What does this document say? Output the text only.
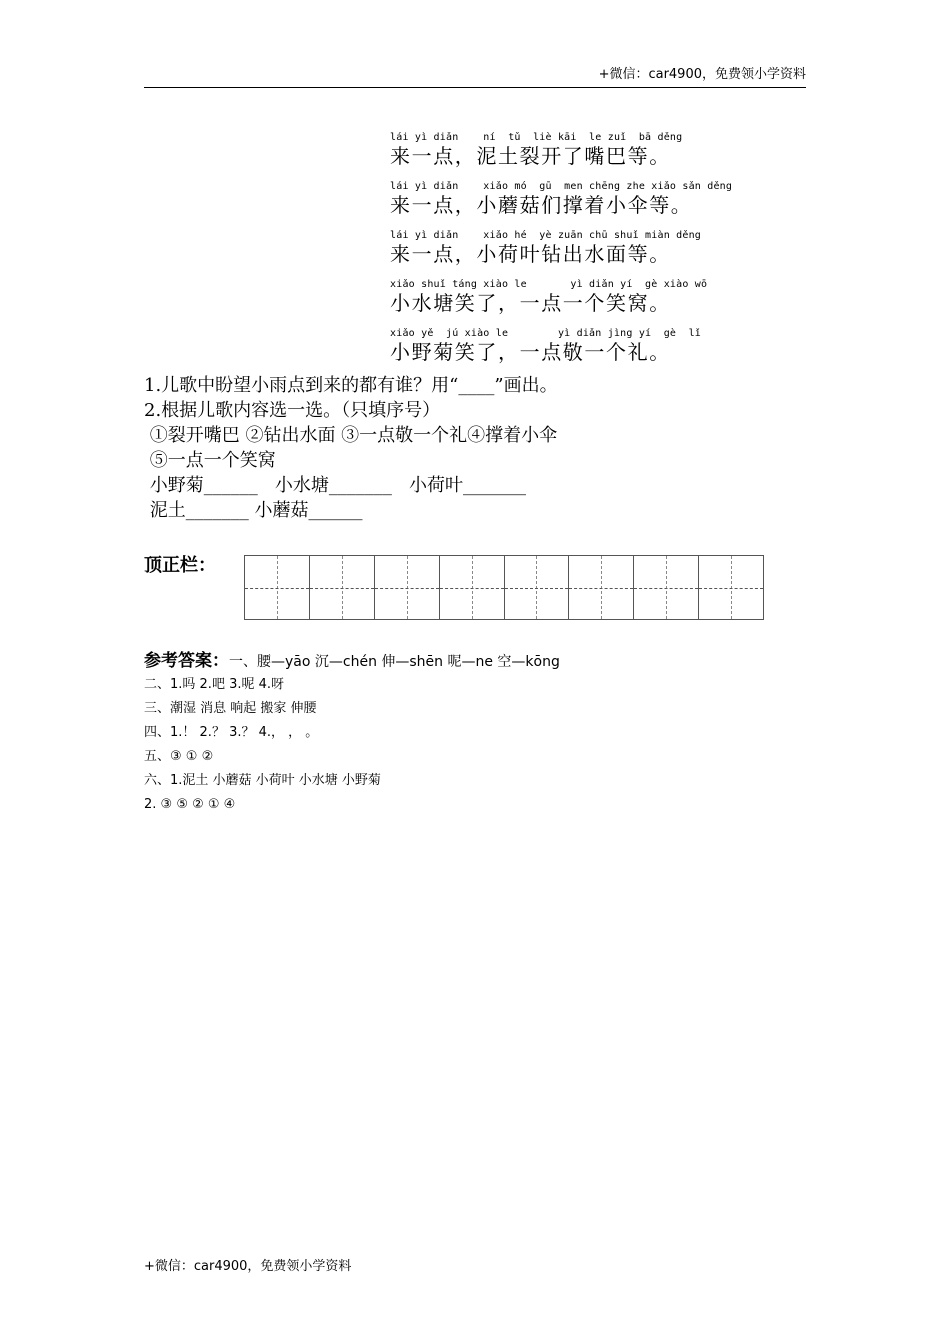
+微信：car4900，免费领小学资料
lái yì diǎn    ní  tǔ  liè kāi  le zuǐ  bā děng
来一点，泥土裂开了嘴巴等。
lái yì diǎn    xiǎo mó  gū  men chēng zhe xiǎo sǎn děng
来一点，小蘑菇们撑着小伞等。
lái yì diǎn    xiǎo hé  yè zuān chū shuǐ miàn děng
来一点，小荷叶钻出水面等。
xiǎo shuǐ táng xiào le       yì diǎn yí  gè xiào wō
小水塘笑了，一点一个笑窝。
xiǎo yě  jú xiào le        yì diǎn jìng yí  gè  lǐ
小野菊笑了，一点敬一个礼。
1.儿歌中盼望小雨点到来的都有谁？用“____”画出。
2.根据儿歌内容选一选。（只填序号）
①裂开嘴巴 ②钻出水面 ③一点敬一个礼④撑着小伞
⑤一点一个笑窝
小野菊______   小水塘_______   小荷叶_______
泥土_______ 小蘑菇______
顶正栏：
参考答案：一、腰—yāo 沉—chén 伸—shēn 呢—ne 空—kōng
二、1.吗 2.吧 3.呢 4.呀
三、潮湿 消息 响起 搬家 伸腰
四、1.！ 2.？ 3.？ 4.， ， 。
五、③ ① ②
六、1.泥土 小蘑菇 小荷叶 小水塘 小野菊
2. ③ ⑤ ② ① ④
+微信：car4900，免费领小学资料
